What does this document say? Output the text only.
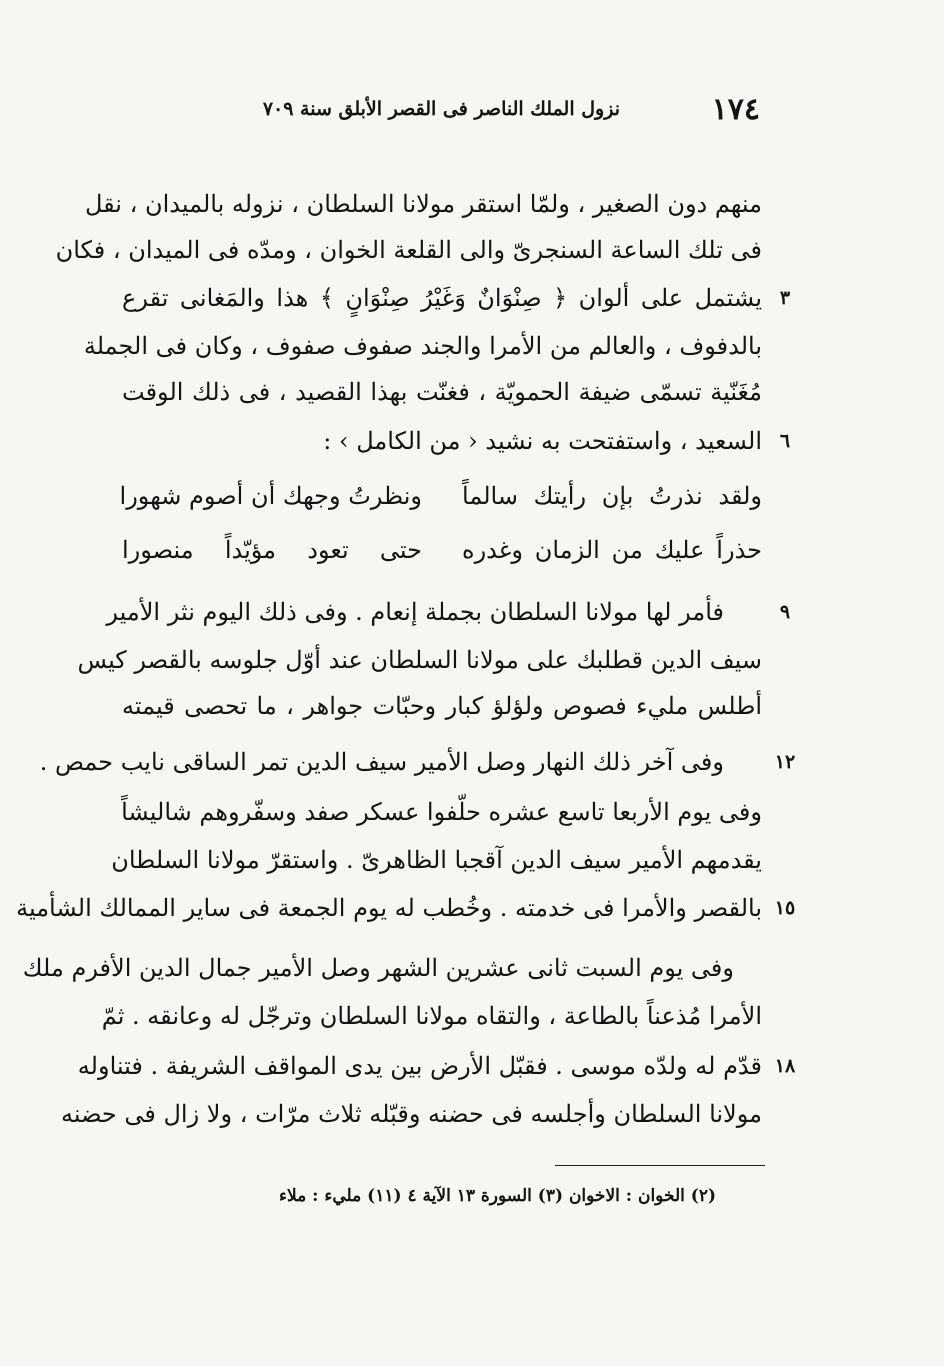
١٧٤
نزول الملك الناصر فى القصر الأبلق سنة ٧٠٩
منهم دون الصغير ، ولمّا استقر مولانا السلطان ، نزوله بالميدان ، نقل
فى تلك الساعة السنجرىّ والى القلعة الخوان ، ومدّه فى الميدان ، فكان
يشتمل على ألوان ﴿ صِنْوَانٌ وَغَيْرُ صِنْوَانٍ ﴾ هذا والمَغانى تقرع ٣
بالدفوف ، والعالم من الأمرا والجند صفوف صفوف ، وكان فى الجملة
مُغَنّية تسمّى ضيفة الحمويّة ، فغنّت بهذا القصيد ، فى ذلك الوقت
السعيد ، واستفتحت به نشيد ‹ من الكامل › : ٦
ولقد نذرتُ بإن رأيتك سالماً
ونظرتُ وجهك أن أصوم شهورا
حذراً عليك من الزمان وغدره
حتى تعود مؤيّداً منصورا
فأمر لها مولانا السلطان بجملة إنعام . وفى ذلك اليوم نثر الأمير	٩
سيف الدين قطلبك على مولانا السلطان عند أوّل جلوسه بالقصر كيس
أطلس مليء فصوص ولؤلؤ كبار وحبّات جواهر ، ما تحصى قيمته
وفى آخر ذلك النهار وصل الأمير سيف الدين تمر الساقى نايب حمص .	١٢
وفى يوم الأربعا تاسع عشره حلّفوا عسكر صفد وسفّروهم شاليشاً
يقدمهم الأمير سيف الدين آقجبا الظاهرىّ . واستقرّ مولانا السلطان
بالقصر والأمرا فى خدمته . وخُطب له يوم الجمعة فى ساير الممالك الشأمية ١٥
وفى يوم السبت ثانى عشرين الشهر وصل الأمير جمال الدين الأفرم ملك
الأمرا مُذعناً بالطاعة ، والتقاه مولانا السلطان وترجّل له وعانقه . ثمّ
قدّم له ولدّه موسى . فقبّل الأرض بين يدى المواقف الشريفة . فتناوله ١٨
مولانا السلطان وأجلسه فى حضنه وقبّله ثلاث مرّات ، ولا زال فى حضنه
(٢) الخوان : الاخوان (٣) السورة ١٣ الآية ٤ (١١) مليء : ملاء
